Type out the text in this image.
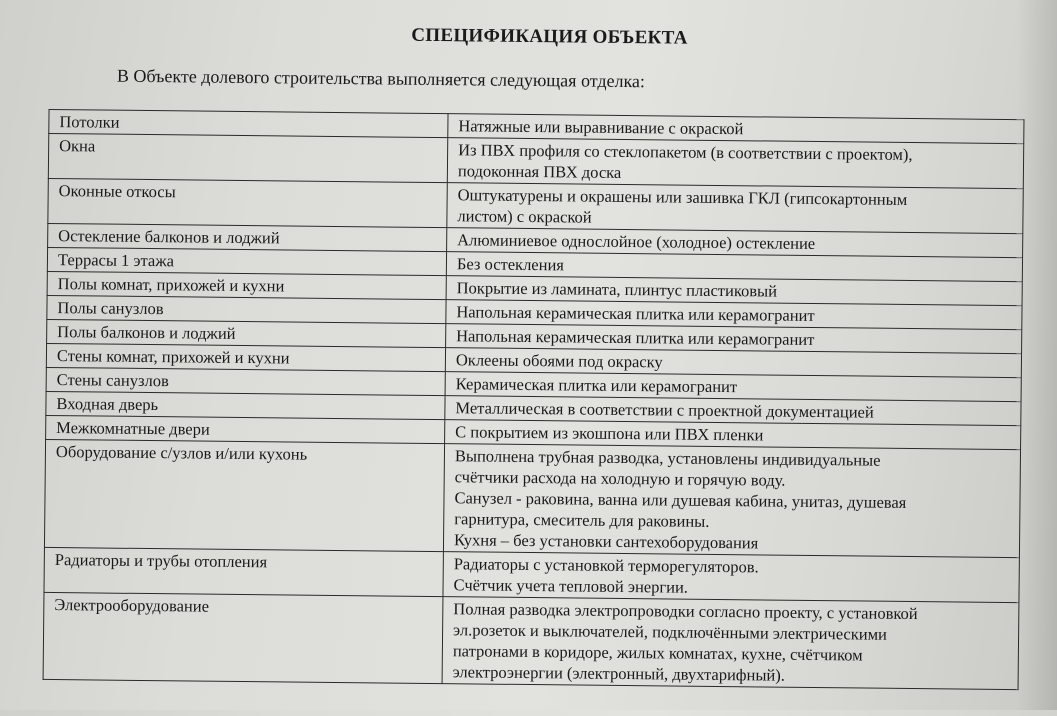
СПЕЦИФИКАЦИЯ ОБЪЕКТА
В Объекте долевого строительства выполняется следующая отделка:
Потолки	Натяжные или выравнивание с окраской

Окна	Из ПВХ профиля со стеклопакетом (в соответствии с проектом),
подоконная ПВХ доска

Оконные откосы	Оштукатурены и окрашены или зашивка ГКЛ (гипсокартонным
листом) с окраской

Остекление балконов и лоджий	Алюминиевое однослойное (холодное) остекление

Террасы 1 этажа	Без остекления

Полы комнат, прихожей и кухни	Покрытие из ламината, плинтус пластиковый

Полы санузлов	Напольная керамическая плитка или керамогранит

Полы балконов и лоджий	Напольная керамическая плитка или керамогранит

Стены комнат, прихожей и кухни	Оклеены обоями под окраску

Стены санузлов	Керамическая плитка или керамогранит

Входная дверь	Металлическая в соответствии с проектной документацией

Межкомнатные двери	С покрытием из экошпона или ПВХ пленки

Оборудование с/узлов и/или кухонь	Выполнена трубная разводка, установлены индивидуальные
счётчики расхода на холодную и горячую воду.
Санузел - раковина, ванна или душевая кабина, унитаз, душевая
гарнитура, смеситель для раковины.
Кухня – без установки сантехоборудования

Радиаторы и трубы отопления	Радиаторы с установкой терморегуляторов.
Счётчик учета тепловой энергии.

Электрооборудование	Полная разводка электропроводки согласно проекту, с установкой
эл.розеток и выключателей, подключёнными электрическими
патронами в коридоре, жилых комнатах, кухне, счётчиком
электроэнергии (электронный, двухтарифный).
